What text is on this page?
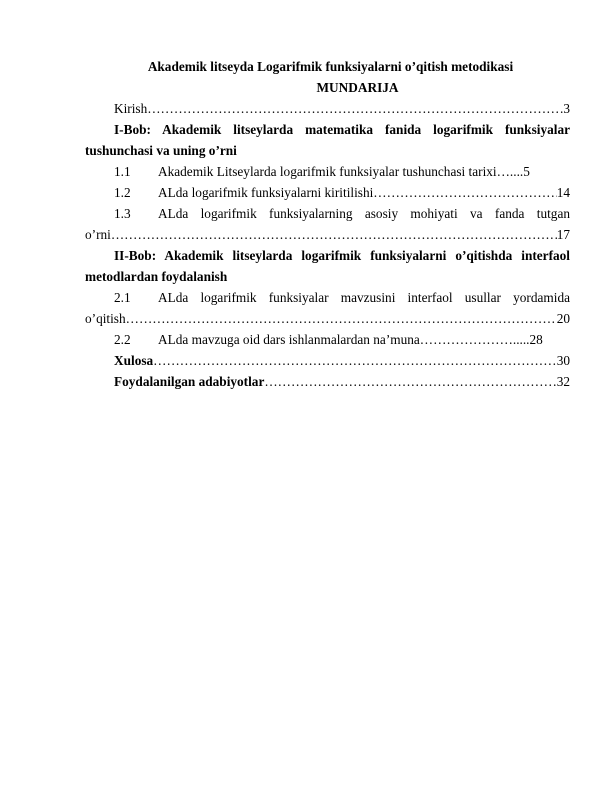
Akademik litseyda Logarifmik funksiyalarni o’qitish metodikasi
MUNDARIJA
Kirish …………………………………………………………………………………………………………………………………………………………	3
I-Bob: Akademik litseylarda matematika fanida logarifmik funksiyalar
tushunchasi va uning o’rni
1.1	Akademik Litseylarda logarifmik funksiyalar tushunchasi tarixi ….... 5
1.2	ALda logarifmik funksiyalarni kiritilishi …………………………………………………………………………………………………………………………………………………………	14
1.3	ALda logarifmik funksiyalarning asosiy mohiyati va fanda tutgan
o’rni …………………………………………………………………………………………………………………………………………………………	17
II-Bob: Akademik litseylarda logarifmik funksiyalarni o’qitishda interfaol
metodlardan foydalanish
2.1	ALda logarifmik funksiyalar mavzusini interfaol usullar yordamida
o’qitish …………………………………………………………………………………………………………………………………………………………	20
2.2	ALda mavzuga oid dars ishlanmalardan na’muna …………………..... 28
Xulosa …………………………………………………………………………………………………………………………………………………………	30
Foydalanilgan adabiyotlar …………………………………………………………………………………………………………………………………………………………	32
